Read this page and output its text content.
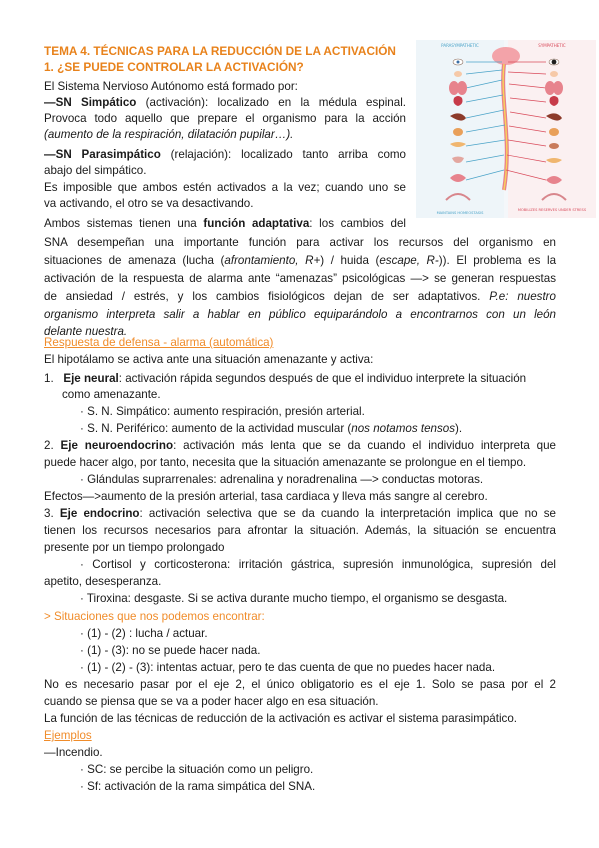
PARASYMPATHETIC	SYMPATHETIC
MAINTAINS HOMEOSTASIS
MOBILIZES RESERVES UNDER STRESS
TEMA 4. TÉCNICAS PARA LA REDUCCIÓN DE LA ACTIVACIÓN
1. ¿SE PUEDE CONTROLAR LA ACTIVACIÓN?
El Sistema Nervioso Autónomo está formado por:
—SN Simpático (activación): localizado en la médula espinal.
Provoca todo aquello que prepare el organismo para la acción
(aumento de la respiración, dilatación pupilar…).
—SN Parasimpático (relajación): localizado tanto arriba como
abajo del simpático.
Es imposible que ambos estén activados a la vez; cuando uno se
va activando, el otro se va desactivando.
Ambos sistemas tienen una función adaptativa: los cambios del
SNA desempeñan una importante función para activar los recursos del organismo en
situaciones de amenaza (lucha (afrontamiento, R+) / huida (escape, R-)). El problema es la
activación de la respuesta de alarma ante “amenazas” psicológicas —> se generan respuestas
de ansiedad / estrés, y los cambios fisiológicos dejan de ser adaptativos. P.e: nuestro
organismo interpreta salir a hablar en público equiparándolo a encontrarnos con un león
delante nuestra.
Respuesta de defensa - alarma (automática)
El hipotálamo se activa ante una situación amenazante y activa:
1. Eje neural: activación rápida segundos después de que el individuo interprete la situación
como amenazante.
· S. N. Simpático: aumento respiración, presión arterial.
· S. N. Periférico: aumento de la actividad muscular (nos notamos tensos).
2. Eje neuroendocrino: activación más lenta que se da cuando el individuo interpreta que
puede hacer algo, por tanto, necesita que la situación amenazante se prolongue en el tiempo.
· Glándulas suprarrenales: adrenalina y noradrenalina —> conductas motoras.
Efectos—>aumento de la presión arterial, tasa cardiaca y lleva más sangre al cerebro.
3. Eje endocrino: activación selectiva que se da cuando la interpretación implica que no se
tienen los recursos necesarios para afrontar la situación. Además, la situación se encuentra
presente por un tiempo prolongado
· Cortisol y corticosterona: irritación gástrica, supresión inmunológica, supresión del
apetito, desesperanza.
· Tiroxina: desgaste. Si se activa durante mucho tiempo, el organismo se desgasta.
> Situaciones que nos podemos encontrar:
· (1) - (2) : lucha / actuar.
· (1) - (3): no se puede hacer nada.
· (1) - (2) - (3): intentas actuar, pero te das cuenta de que no puedes hacer nada.
No es necesario pasar por el eje 2, el único obligatorio es el eje 1. Solo se pasa por el 2
cuando se piensa que se va a poder hacer algo en esa situación.
La función de las técnicas de reducción de la activación es activar el sistema parasimpático.
Ejemplos
—Incendio.
· SC: se percibe la situación como un peligro.
· Sf: activación de la rama simpática del SNA.
